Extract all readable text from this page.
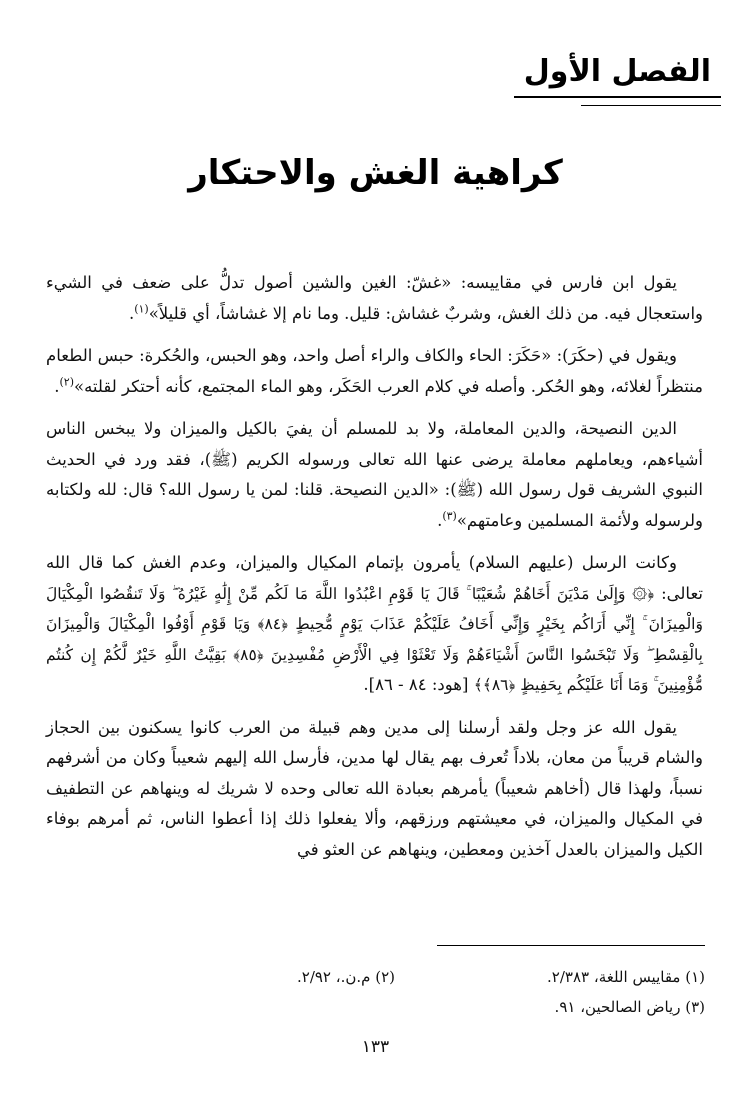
الفصل الأول
كراهية الغش والاحتكار

يقول ابن فارس في مقاييسه: «غشّ: الغين والشين أصول تدلُّ على ضعف في الشيء واستعجال فيه. من ذلك الغش، وشربٌ غشاش: قليل. وما نام إلا غشاشاً، أي قليلاً»$^{(١)}$.

ويقول في (حكَرَ): «حَكَرَ: الحاء والكاف والراء أصل واحد، وهو الحبس، والحُكرة: حبس الطعام منتظراً لغلائه، وهو الحُكر. وأصله في كلام العرب الحَكَر، وهو الماء المجتمع، كأنه أحتكر لقلته»$^{(٢)}$.

الدين النصيحة، والدين المعاملة، ولا بد للمسلم أن يفيَ بالكيل والميزان ولا يبخس الناس أشياءهم، ويعاملهم معاملة يرضى عنها الله تعالى ورسوله الكريم (ﷺ)، فقد ورد في الحديث النبوي الشريف قول رسول الله (ﷺ): «الدين النصيحة. قلنا: لمن يا رسول الله؟ قال: لله ولكتابه ولرسوله ولأئمة المسلمين وعامتهم»$^{(٣)}$.

وكانت الرسل (عليهم السلام) يأمرون بإتمام المكيال والميزان، وعدم الغش كما قال الله تعالى: ﴿۞ وَإِلَىٰ مَدْيَنَ أَخَاهُمْ شُعَيْبًا ۚ قَالَ يَا قَوْمِ اعْبُدُوا اللَّهَ مَا لَكُم مِّنْ إِلَٰهٍ غَيْرُهُ ۖ وَلَا تَنقُصُوا الْمِكْيَالَ وَالْمِيزَانَ ۚ إِنِّي أَرَاكُم بِخَيْرٍ وَإِنِّي أَخَافُ عَلَيْكُمْ عَذَابَ يَوْمٍ مُّحِيطٍ ﴿٨٤﴾ وَيَا قَوْمِ أَوْفُوا الْمِكْيَالَ وَالْمِيزَانَ بِالْقِسْطِ ۖ وَلَا تَبْخَسُوا النَّاسَ أَشْيَاءَهُمْ وَلَا تَعْثَوْا فِي الْأَرْضِ مُفْسِدِينَ ﴿٨٥﴾ بَقِيَّتُ اللَّهِ خَيْرٌ لَّكُمْ إِن كُنتُم مُّؤْمِنِينَ ۚ وَمَا أَنَا عَلَيْكُم بِحَفِيظٍ ﴿٨٦﴾﴾ [هود: ٨٤ - ٨٦].

يقول الله عز وجل ولقد أرسلنا إلى مدين وهم قبيلة من العرب كانوا يسكنون بين الحجاز والشام قريباً من معان، بلاداً تُعرف بهم يقال لها مدين، فأرسل الله إليهم شعيباً وكان من أشرفهم نسباً، ولهذا قال (أخاهم شعيباً) يأمرهم بعبادة الله تعالى وحده لا شريك له وينهاهم عن التطفيف في المكيال والميزان، في معيشتهم ورزقهم، وألا يفعلوا ذلك إذا أعطوا الناس، ثم أمرهم بوفاء الكيل والميزان بالعدل آخذين ومعطين، وينهاهم عن العثو في

(١) مقاييس اللغة، ٢/٣٨٣.
(٢) م.ن.، ٢/٩٢.
(٣) رياض الصالحين، ٩١.
١٣٣
